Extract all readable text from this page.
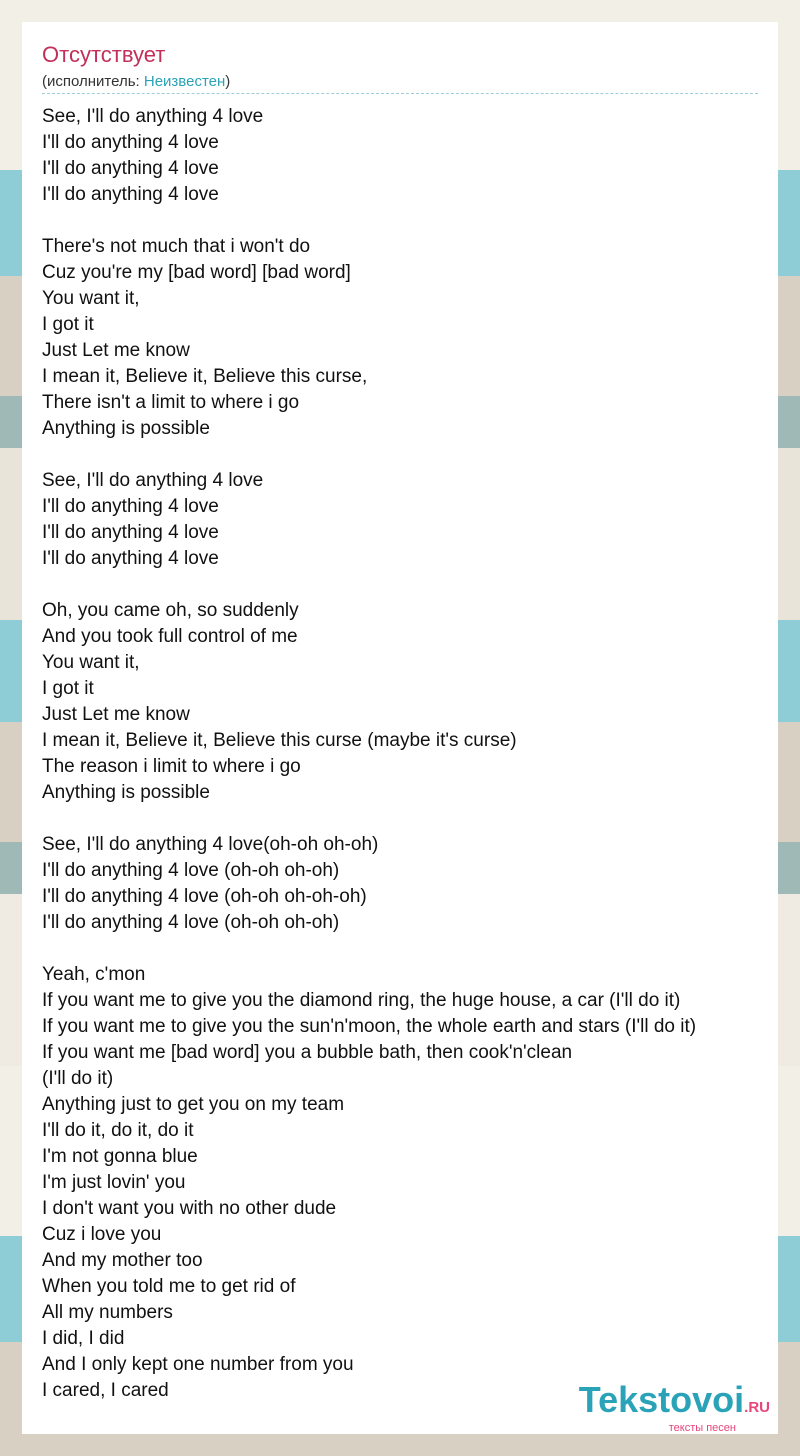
Отсутствует
(исполнитель: Неизвестен)
See, I'll do anything 4 love
I'll do anything 4 love
I'll do anything 4 love
I'll do anything 4 love
There's not much that i won't do
Cuz you're my [bad word] [bad word]
You want it,
I got it
Just Let me know
I mean it, Believe it, Believe this curse,
There isn't a limit to where i go
Anything is possible
See, I'll do anything 4 love
I'll do anything 4 love
I'll do anything 4 love
I'll do anything 4 love
Oh, you came oh, so suddenly
And you took full control of me
You want it,
I got it
Just Let me know
I mean it, Believe it, Believe this curse (maybe it's curse)
The reason i limit to where i go
Anything is possible
See, I'll do anything 4 love(oh-oh oh-oh)
I'll do anything 4 love (oh-oh oh-oh)
I'll do anything 4 love (oh-oh oh-oh-oh)
I'll do anything 4 love (oh-oh oh-oh)
Yeah, c'mon
If you want me to give you the diamond ring, the huge house, a car (I'll do it)
If you want me to give you the sun'n'moon, the whole earth and stars (I'll do it)
If you want me [bad word] you a bubble bath, then cook'n'clean
(I'll do it)
Anything just to get you on my team
I'll do it, do it, do it
I'm not gonna blue
I'm just lovin' you
I don't want you with no other dude
Cuz i love you
And my mother too
When you told me to get rid of
All my numbers
I did, I did
And I only kept one number from you
I cared, I cared	Tekstovoi.RU
тексты песен
